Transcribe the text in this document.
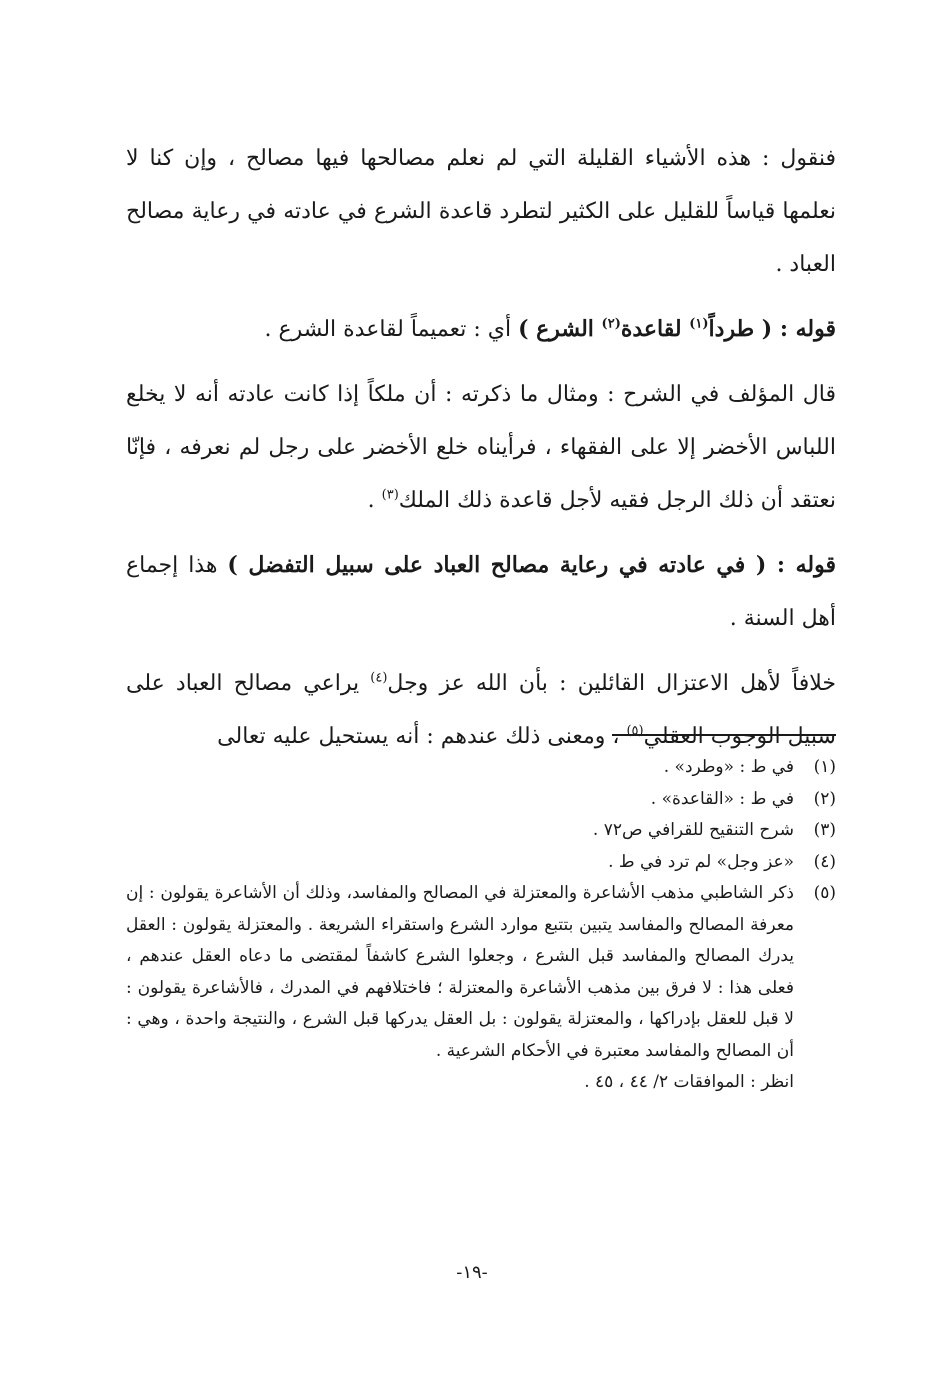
فنقول : هذه الأشياء القليلة التي لم نعلم مصالحها فيها مصالح ، وإن كنا لا نعلمها قياساً للقليل على الكثير لتطرد قاعدة الشرع في عادته في رعاية مصالح العباد .

قوله : ( طرداً$^{(١)}$ لقاعدة$^{(٢)}$ الشرع ) أي : تعميماً لقاعدة الشرع .

قال المؤلف في الشرح : ومثال ما ذكرته : أن ملكاً إذا كانت عادته أنه لا يخلع اللباس الأخضر إلا على الفقهاء ، فرأيناه خلع الأخضر على رجل لم نعرفه ، فإنّا نعتقد أن ذلك الرجل فقيه لأجل قاعدة ذلك الملك$^{(٣)}$ .

قوله : ( في عادته في رعاية مصالح العباد على سبيل التفضل ) هذا إجماع أهل السنة .

خلافاً لأهل الاعتزال القائلين : بأن الله عز وجل$^{(٤)}$ يراعي مصالح العباد على سبيل الوجوب العقلي$^{(٥)}$ ، ومعنى ذلك عندهم : أنه يستحيل عليه تعالى

(١)
في ط : «وطرد» .
(٢)
في ط : «القاعدة» .
(٣)
شرح التنقيح للقرافي ص٧٢ .
(٤)
«عز وجل» لم ترد في ط .
(٥)
ذكر الشاطبي مذهب الأشاعرة والمعتزلة في المصالح والمفاسد، وذلك أن الأشاعرة يقولون : إن معرفة المصالح والمفاسد يتبين بتتبع موارد الشرع واستقراء الشريعة . والمعتزلة يقولون : العقل يدرك المصالح والمفاسد قبل الشرع ، وجعلوا الشرع كاشفاً لمقتضى ما دعاه العقل عندهم ، فعلى هذا : لا فرق بين مذهب الأشاعرة والمعتزلة ؛ فاختلافهم في المدرك ، فالأشاعرة يقولون : لا قبل للعقل بإدراكها ، والمعتزلة يقولون : بل العقل يدركها قبل الشرع ، والنتيجة واحدة ، وهي : أن المصالح والمفاسد معتبرة في الأحكام الشرعية .
انظر : الموافقات ٢/ ٤٤ ، ٤٥ .
-١٩-
